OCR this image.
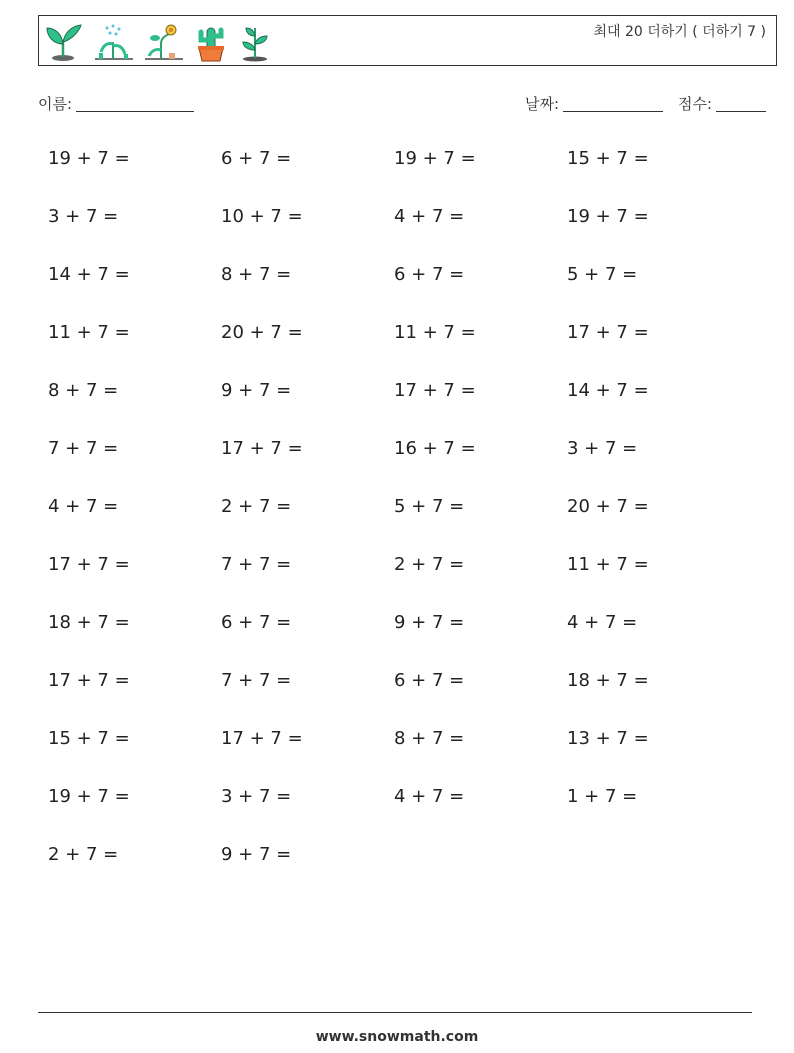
최대 20 더하기 ( 더하기 7 )
이름:	날짜:	점수:
19 + 7 =	6 + 7 =	19 + 7 =	15 + 7 =
3 + 7 =	10 + 7 =	4 + 7 =	19 + 7 =
14 + 7 =	8 + 7 =	6 + 7 =	5 + 7 =
11 + 7 =	20 + 7 =	11 + 7 =	17 + 7 =
8 + 7 =	9 + 7 =	17 + 7 =	14 + 7 =
7 + 7 =	17 + 7 =	16 + 7 =	3 + 7 =
4 + 7 =	2 + 7 =	5 + 7 =	20 + 7 =
17 + 7 =	7 + 7 =	2 + 7 =	11 + 7 =
18 + 7 =	6 + 7 =	9 + 7 =	4 + 7 =
17 + 7 =	7 + 7 =	6 + 7 =	18 + 7 =
15 + 7 =	17 + 7 =	8 + 7 =	13 + 7 =
19 + 7 =	3 + 7 =	4 + 7 =	1 + 7 =
2 + 7 =	9 + 7 =
www.snowmath.com
